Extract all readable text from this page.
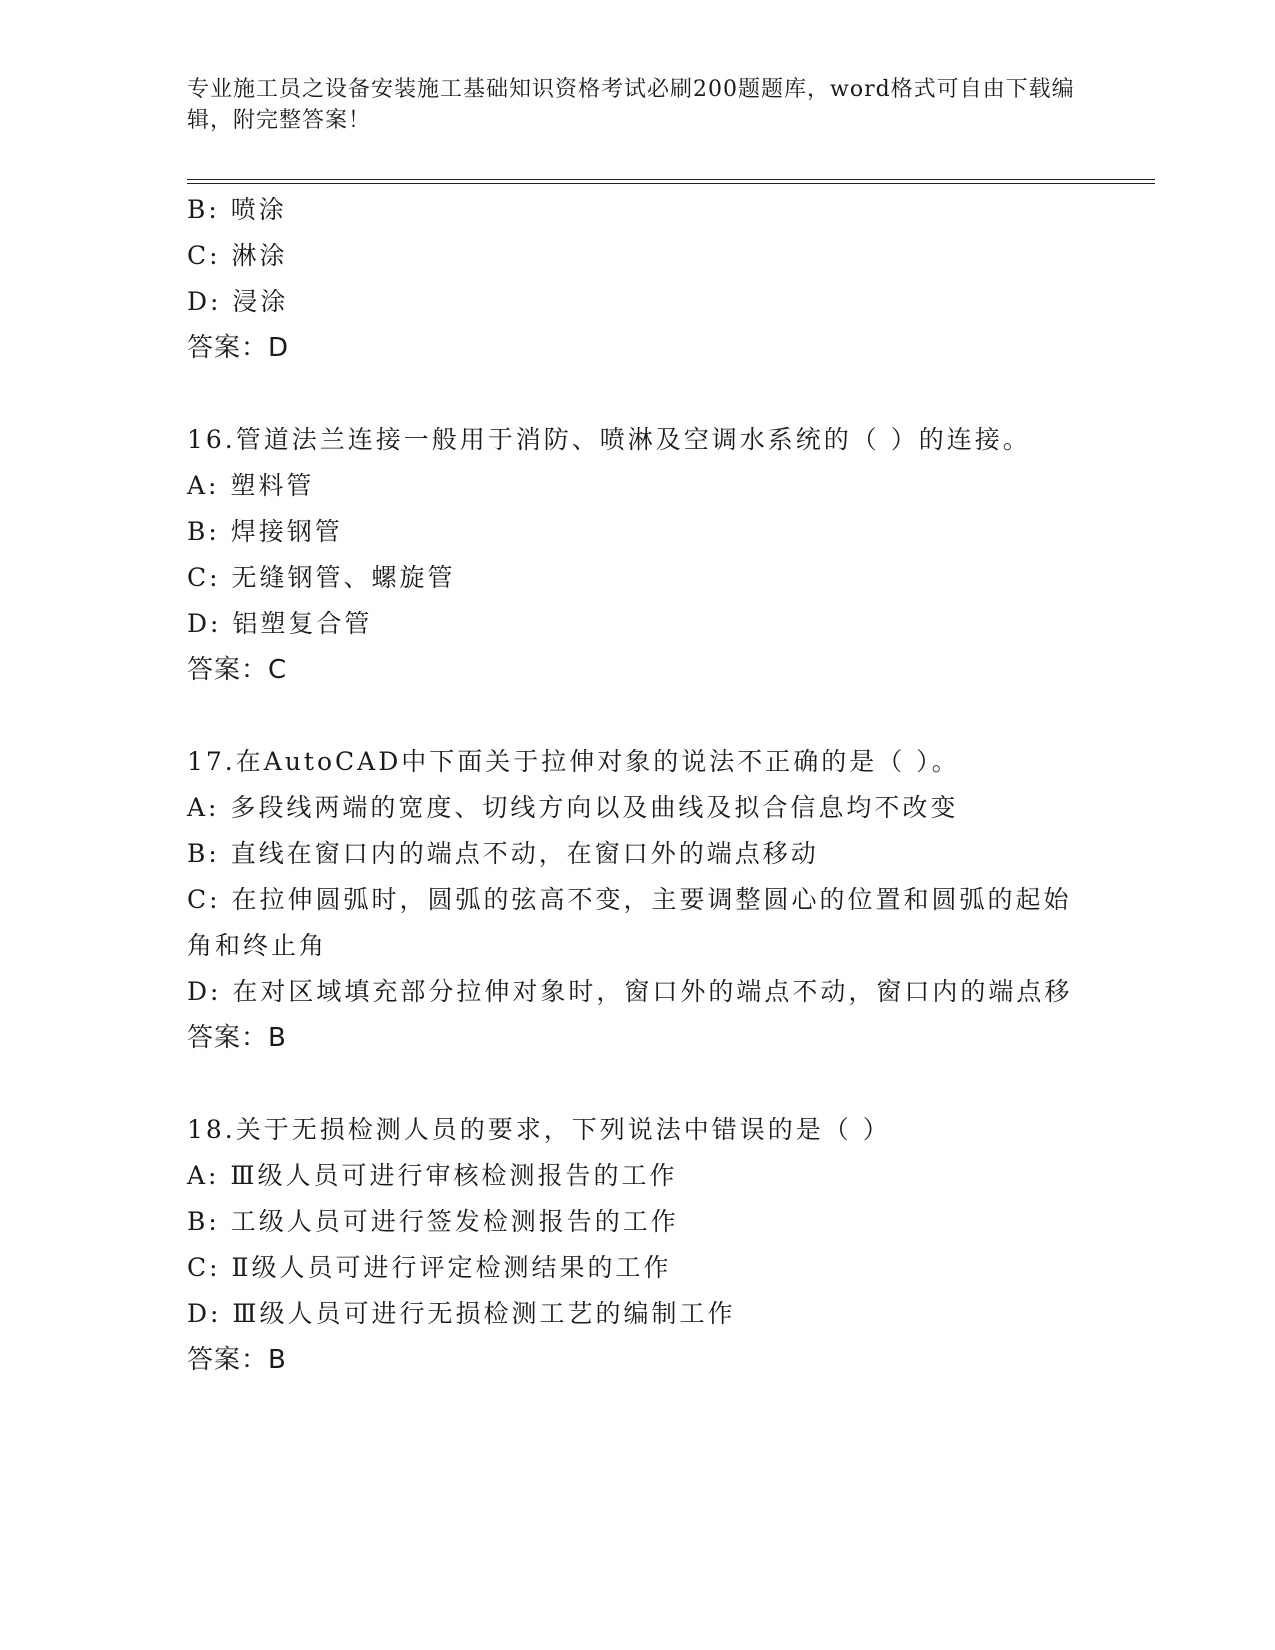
专业施工员之设备安装施工基础知识资格考试必刷200题题库，word格式可自由下载编辑，附完整答案！

B: 喷涂

C: 淋涂

D: 浸涂

答案：D

16.管道法兰连接一般用于消防、喷淋及空调水系统的（ ）的连接。

A: 塑料管

B: 焊接钢管

C: 无缝钢管、螺旋管

D: 铝塑复合管

答案：C

17.在AutoCAD中下面关于拉伸对象的说法不正确的是（ ）。

A: 多段线两端的宽度、切线方向以及曲线及拟合信息均不改变

B: 直线在窗口内的端点不动，在窗口外的端点移动

C: 在拉伸圆弧时，圆弧的弦高不变，主要调整圆心的位置和圆弧的起始角和终止角

D: 在对区域填充部分拉伸对象时，窗口外的端点不动，窗口内的端点移

答案：B

18.关于无损检测人员的要求，下列说法中错误的是（ ）

A: Ⅲ级人员可进行审核检测报告的工作

B: 工级人员可进行签发检测报告的工作

C: Ⅱ级人员可进行评定检测结果的工作

D: Ⅲ级人员可进行无损检测工艺的编制工作

答案：B
